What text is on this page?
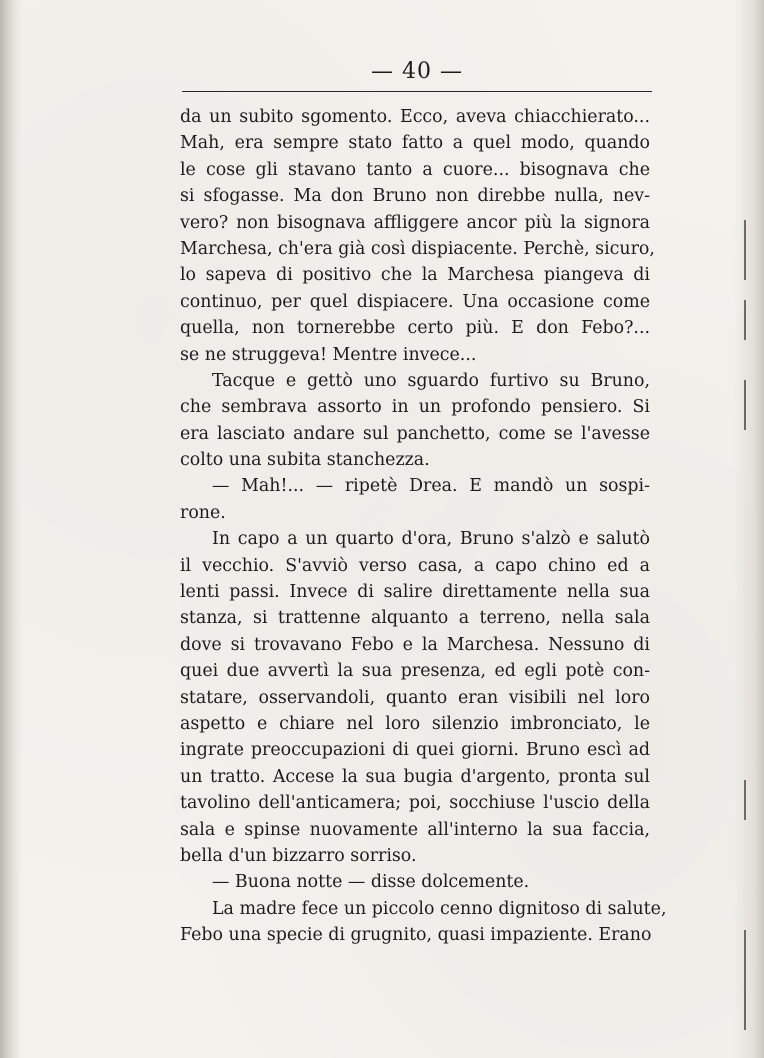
— 40 —
da un subito sgomento. Ecco, aveva chiacchierato...
Mah, era sempre stato fatto a quel modo, quando
le cose gli stavano tanto a cuore... bisognava che
si sfogasse. Ma don Bruno non direbbe nulla, nev-
vero? non bisognava affliggere ancor più la signora
Marchesa, ch'era già così dispiacente. Perchè, sicuro,
lo sapeva di positivo che la Marchesa piangeva di
continuo, per quel dispiacere. Una occasione come
quella, non tornerebbe certo più. E don Febo?...
se ne struggeva! Mentre invece...
Tacque e gettò uno sguardo furtivo su Bruno,
che sembrava assorto in un profondo pensiero. Si
era lasciato andare sul panchetto, come se l'avesse
colto una subita stanchezza.
— Mah!... — ripetè Drea. E mandò un sospi-
rone.
In capo a un quarto d'ora, Bruno s'alzò e salutò
il vecchio. S'avviò verso casa, a capo chino ed a
lenti passi. Invece di salire direttamente nella sua
stanza, si trattenne alquanto a terreno, nella sala
dove si trovavano Febo e la Marchesa. Nessuno di
quei due avvertì la sua presenza, ed egli potè con-
statare, osservandoli, quanto eran visibili nel loro
aspetto e chiare nel loro silenzio imbronciato, le
ingrate preoccupazioni di quei giorni. Bruno escì ad
un tratto. Accese la sua bugia d'argento, pronta sul
tavolino dell'anticamera; poi, socchiuse l'uscio della
sala e spinse nuovamente all'interno la sua faccia,
bella d'un bizzarro sorriso.
— Buona notte — disse dolcemente.
La madre fece un piccolo cenno dignitoso di salute,
Febo una specie di grugnito, quasi impaziente. Erano
